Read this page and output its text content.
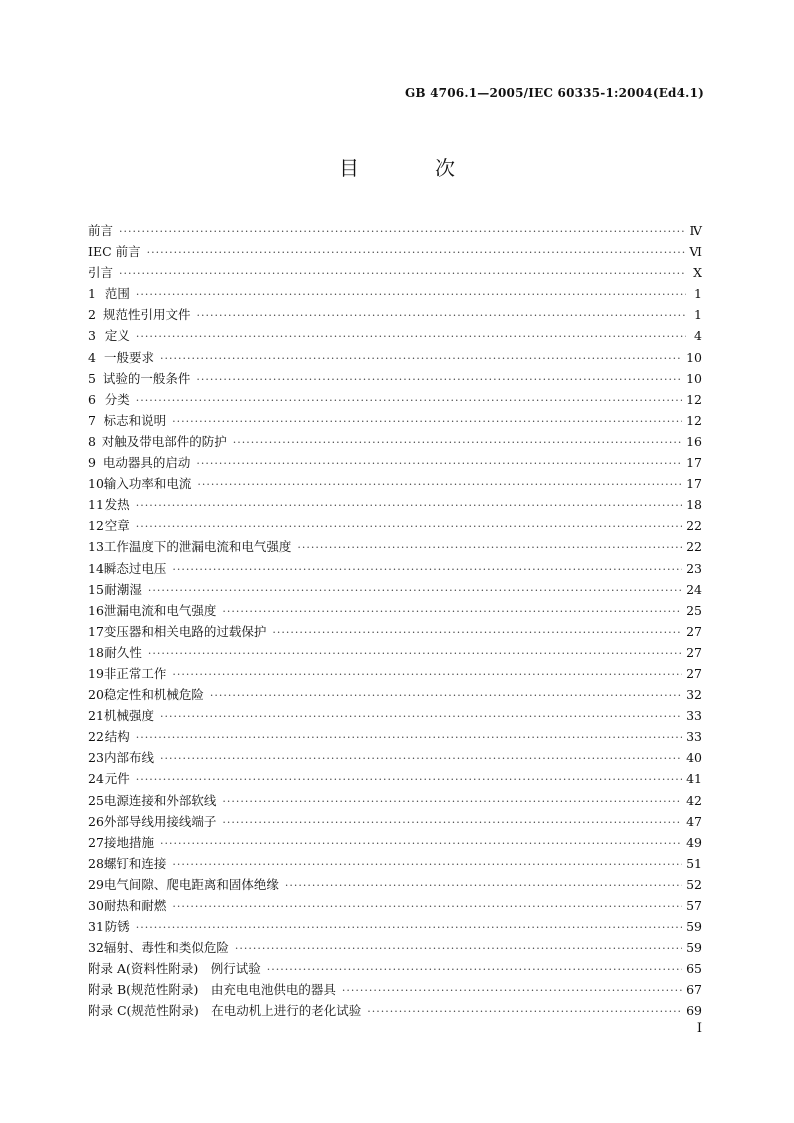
GB 4706.1—2005/IEC 60335-1:2004(Ed4.1)
目　次
前言 ·····	Ⅳ
IEC 前言 ·····	Ⅵ
引言 ·····	Ⅹ
1 范围 ·····	1
2 规范性引用文件 ·····	1
3 定义 ·····	4
4 一般要求 ·····	10
5 试验的一般条件 ·····	10
6 分类 ·····	12
7 标志和说明 ·····	12
8 对触及带电部件的防护 ·····	16
9 电动器具的启动 ·····	17
10 输入功率和电流 ·····	17
11 发热 ·····	18
12 空章 ·····	22
13 工作温度下的泄漏电流和电气强度 ·····	22
14 瞬态过电压 ·····	23
15 耐潮湿 ·····	24
16 泄漏电流和电气强度 ·····	25
17 变压器和相关电路的过载保护 ·····	27
18 耐久性 ·····	27
19 非正常工作 ·····	27
20 稳定性和机械危险 ·····	32
21 机械强度 ·····	33
22 结构 ·····	33
23 内部布线 ·····	40
24 元件 ·····	41
25 电源连接和外部软线 ·····	42
26 外部导线用接线端子 ·····	47
27 接地措施 ·····	49
28 螺钉和连接 ·····	51
29 电气间隙、爬电距离和固体绝缘 ·····	52
30 耐热和耐燃 ·····	57
31 防锈 ·····	59
32 辐射、毒性和类似危险 ·····	59
附录 A(资料性附录)　例行试验 ·····	65
附录 B(规范性附录)　由充电电池供电的器具 ·····	67
附录 C(规范性附录)　在电动机上进行的老化试验 ·····	69
I
